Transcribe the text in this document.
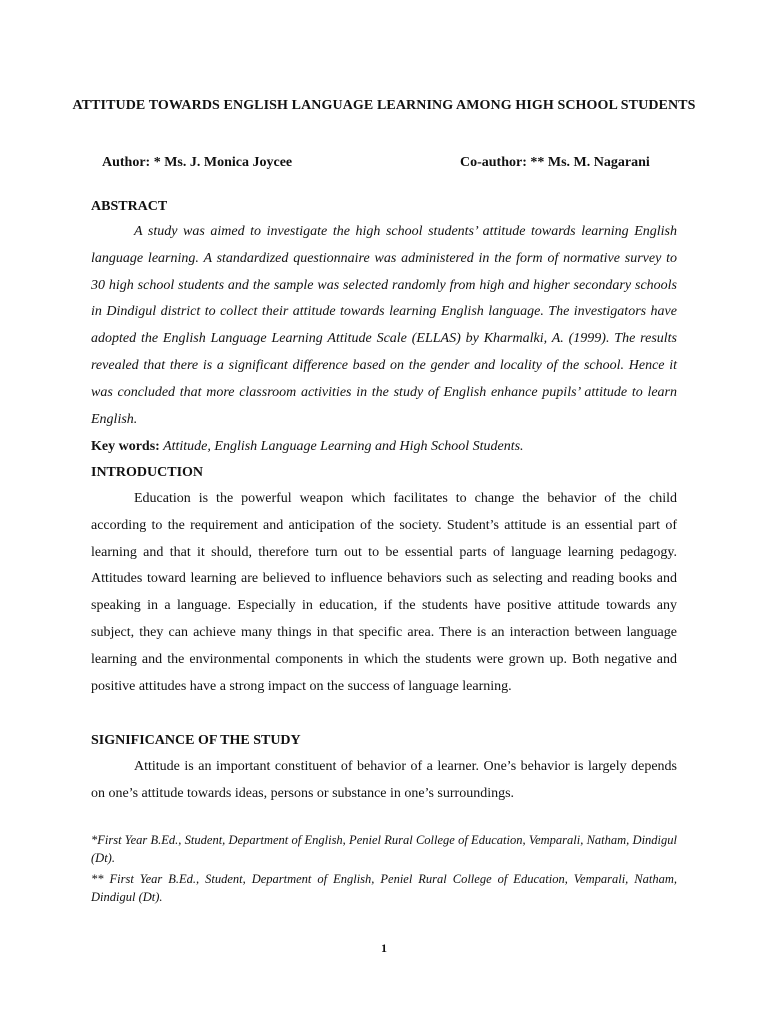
ATTITUDE TOWARDS ENGLISH LANGUAGE LEARNING AMONG HIGH SCHOOL STUDENTS
Author: * Ms. J. Monica Joycee	Co-author: ** Ms. M. Nagarani
ABSTRACT
A study was aimed to investigate the high school students’ attitude towards learning English language learning. A standardized questionnaire was administered in the form of normative survey to 30 high school students and the sample was selected randomly from high and higher secondary schools in Dindigul district to collect their attitude towards learning English language. The investigators have adopted the English Language Learning Attitude Scale (ELLAS) by Kharmalki, A. (1999). The results revealed that there is a significant difference based on the gender and locality of the school. Hence it was concluded that more classroom activities in the study of English enhance pupils’ attitude to learn English.
Key words: Attitude, English Language Learning and High School Students.
INTRODUCTION
Education is the powerful weapon which facilitates to change the behavior of the child according to the requirement and anticipation of the society. Student’s attitude is an essential part of learning and that it should, therefore turn out to be essential parts of language learning pedagogy. Attitudes toward learning are believed to influence behaviors such as selecting and reading books and speaking in a language. Especially in education, if the students have positive attitude towards any subject, they can achieve many things in that specific area. There is an interaction between language learning and the environmental components in which the students were grown up. Both negative and positive attitudes have a strong impact on the success of language learning.
SIGNIFICANCE OF THE STUDY
Attitude is an important constituent of behavior of a learner. One’s behavior is largely depends on one’s attitude towards ideas, persons or substance in one’s surroundings.
*First Year B.Ed., Student, Department of English, Peniel Rural College of Education, Vemparali, Natham, Dindigul (Dt).
** First Year B.Ed., Student, Department of English, Peniel Rural College of Education, Vemparali, Natham, Dindigul (Dt).
1
